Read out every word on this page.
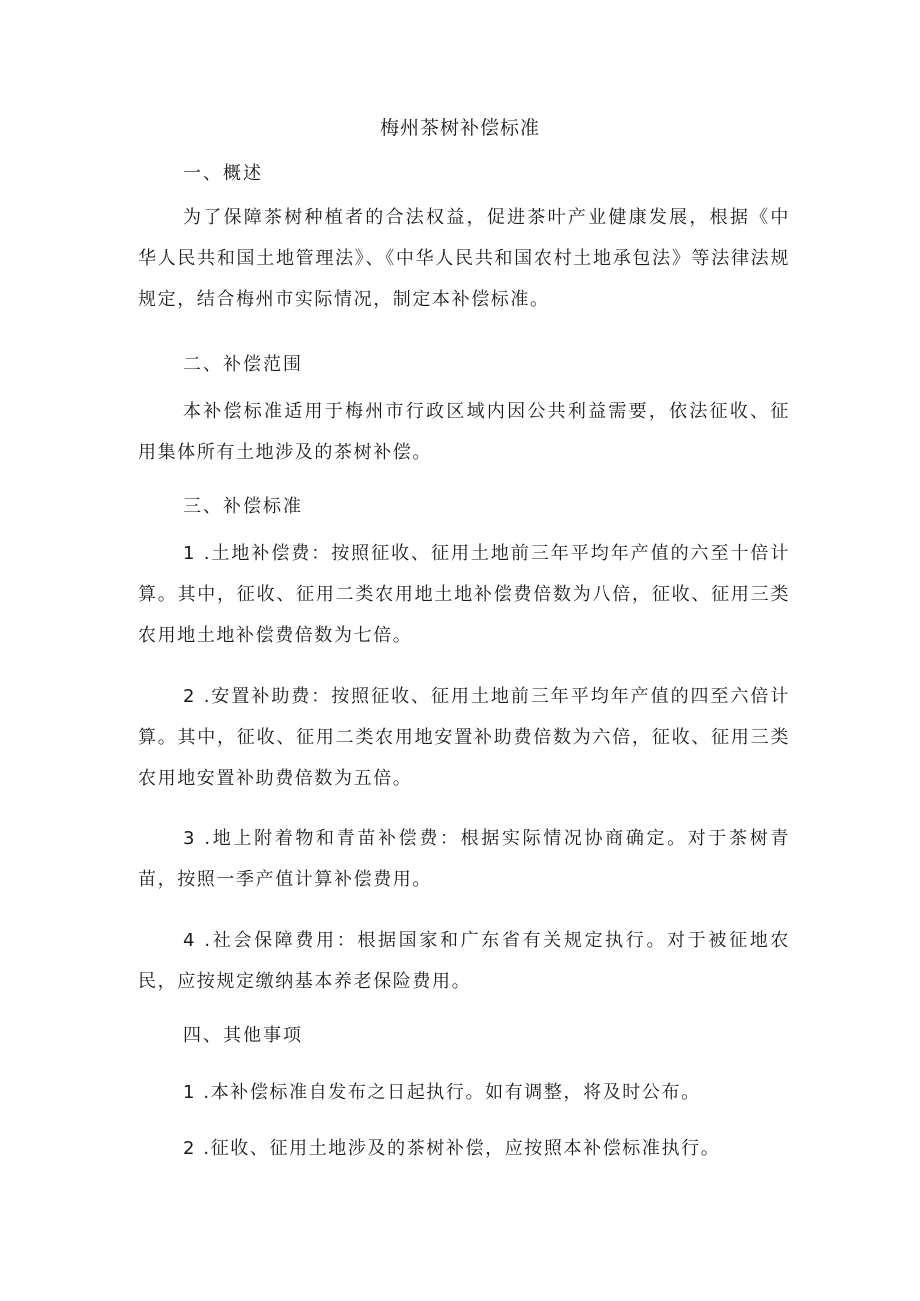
梅州茶树补偿标准
一、概述
为了保障茶树种植者的合法权益，促进茶叶产业健康发展，根据《中华人民共和国土地管理法》、《中华人民共和国农村土地承包法》等法律法规规定，结合梅州市实际情况，制定本补偿标准。
二、补偿范围
本补偿标准适用于梅州市行政区域内因公共利益需要，依法征收、征用集体所有土地涉及的茶树补偿。
三、补偿标准
1 .土地补偿费：按照征收、征用土地前三年平均年产值的六至十倍计算。其中，征收、征用二类农用地土地补偿费倍数为八倍，征收、征用三类农用地土地补偿费倍数为七倍。
2 .安置补助费：按照征收、征用土地前三年平均年产值的四至六倍计算。其中，征收、征用二类农用地安置补助费倍数为六倍，征收、征用三类农用地安置补助费倍数为五倍。
3 .地上附着物和青苗补偿费：根据实际情况协商确定。对于茶树青苗，按照一季产值计算补偿费用。
4 .社会保障费用：根据国家和广东省有关规定执行。对于被征地农民，应按规定缴纳基本养老保险费用。
四、其他事项
1 .本补偿标准自发布之日起执行。如有调整，将及时公布。
2 .征收、征用土地涉及的茶树补偿，应按照本补偿标准执行。
